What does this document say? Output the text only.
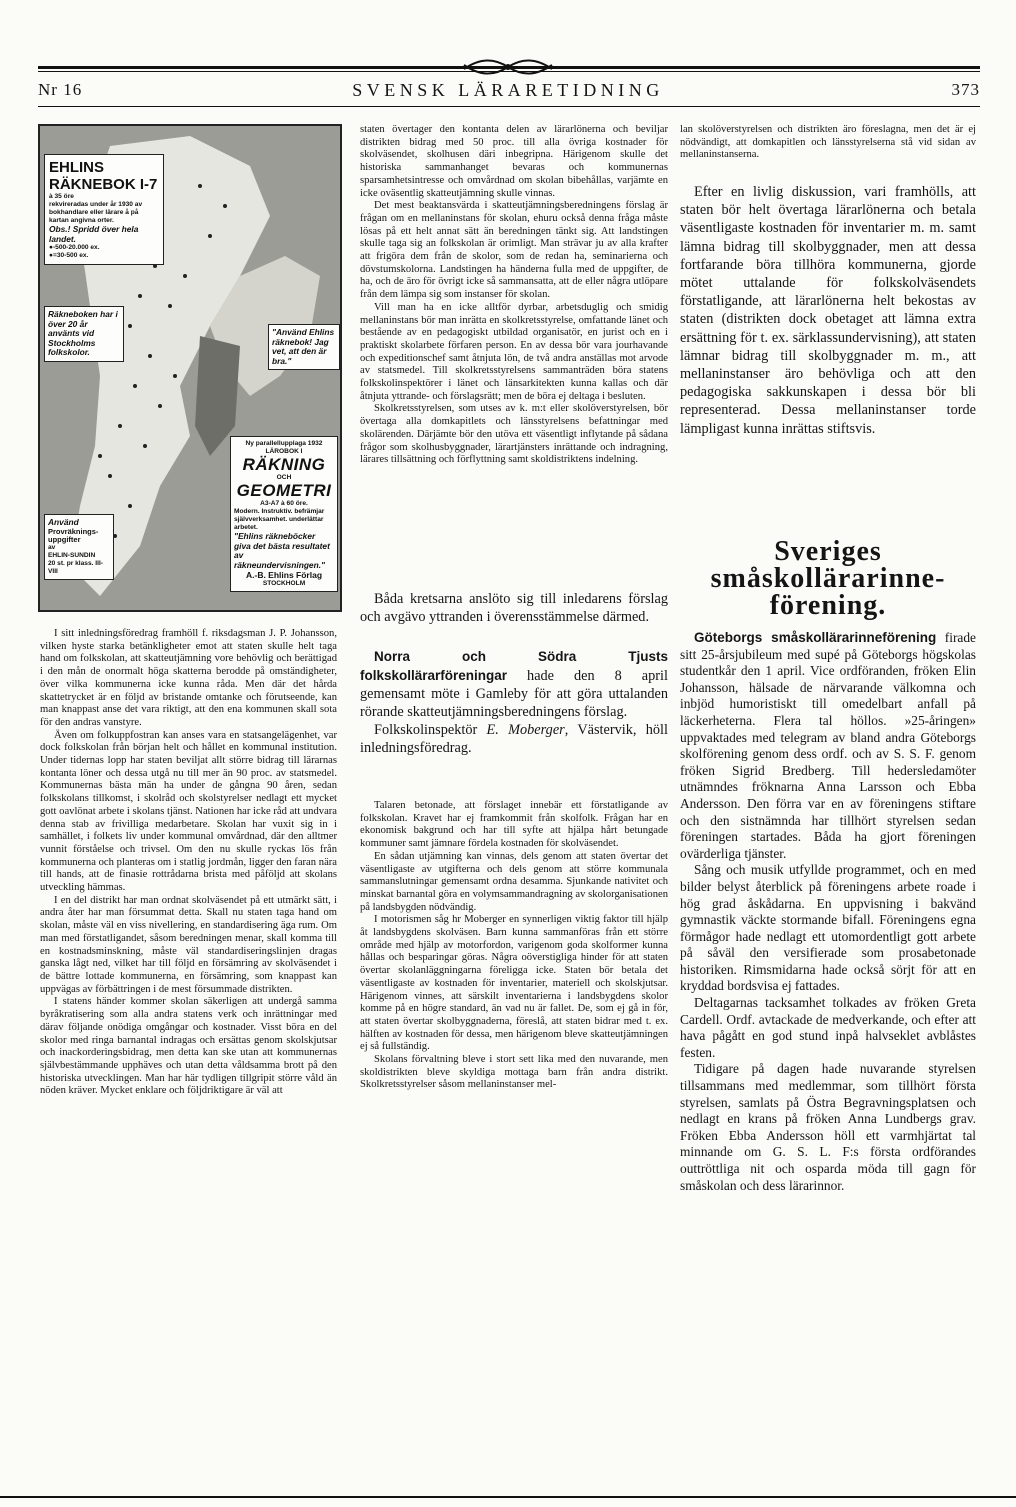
Nr 16	SVENSK LÄRARETIDNING	373
EHLINS
RÄKNEBOK I-7
à 35 öre
rekvireradas under år 1930 av bokhandlare eller lärare å på kartan angivna orter.
Obs.! Spridd över hela landet.
●-500-20.000 ex.
●=30-500 ex.
Räkneboken har i över 20 år använts vid Stockholms folkskolor.
"Använd Ehlins räknebok! Jag vet, att den är bra."
Ny parallellupplaga 1932
LÄROBOK I
RÄKNING
OCH
GEOMETRI
A3-A7 à 60 öre.
Modern. Instruktiv. befrämjar självverksamhet. underlättar arbetet.
"Ehlins räkneböcker giva det bästa resultatet av räkneundervisningen."
A.-B. Ehlins Förlag
STOCKHOLM
Använd
Provräknings-uppgifter
av
EHLIN-SUNDIN
20 st. pr klass. III-VIII

I sitt inledningsföredrag framhöll f. riksdagsman J. P. Johansson, vilken hyste starka betänkligheter emot att staten skulle helt taga hand om folkskolan, att skatteutjämning vore behövlig och berättigad i den mån de onormalt höga skatterna berodde på omständigheter, över vilka kommunerna icke kunna råda. Men där det hårda skattetrycket är en följd av bristande omtanke och förutseende, kan man knappast anse det vara riktigt, att den ena kommunen skall sota för den andras vanstyre.

Även om folkuppfostran kan anses vara en statsangelägenhet, var dock folkskolan från början helt och hållet en kommunal institution. Under tidernas lopp har staten beviljat allt större bidrag till lärarnas kontanta löner och dessa utgå nu till mer än 90 proc. av statsmedel. Kommunernas bästa män ha under de gångna 90 åren, sedan folkskolans tillkomst, i skolråd och skolstyrelser nedlagt ett mycket gott oavlönat arbete i skolans tjänst. Nationen har icke råd att undvara denna stab av frivilliga medarbetare. Skolan har vuxit sig in i samhället, i folkets liv under kommunal omvårdnad, där den alltmer vunnit förståelse och trivsel. Om den nu skulle ryckas lös från kommunerna och planteras om i statlig jordmån, ligger den faran nära till hands, att de finasie rottrådarna brista med påföljd att skolans utveckling hämmas.

I en del distrikt har man ordnat skolväsendet på ett utmärkt sätt, i andra åter har man försummat detta. Skall nu staten taga hand om skolan, måste väl en viss nivellering, en standardisering äga rum. Om man med förstatligandet, såsom beredningen menar, skall komma till en kostnadsminskning, måste väl standardiseringslinjen dragas ganska lågt ned, vilket har till följd en försämring av skolväsendet i de bättre lottade kommunerna, en försämring, som knappast kan uppvägas av förbättringen i de mest försummade distrikten.

I statens händer kommer skolan säkerligen att undergå samma byråkratisering som alla andra statens verk och inrättningar med därav följande onödiga omgångar och kostnader. Visst böra en del skolor med ringa barnantal indragas och ersättas genom skolskjutsar och inackorderingsbidrag, men detta kan ske utan att kommunernas självbestämmande upphäves och utan detta våldsamma brott på den historiska utvecklingen. Man har här tydligen tillgripit större våld än nöden kräver. Mycket enklare och följdriktigare är väl att

staten övertager den kontanta delen av lärarlönerna och beviljar distrikten bidrag med 50 proc. till alla övriga kostnader för skolväsendet, skolhusen däri inbegripna. Härigenom skulle det historiska sammanhanget bevaras och kommunernas sparsamhetsintresse och omvårdnad om skolan bibehållas, varjämte en icke oväsentlig skatteutjämning skulle vinnas.

Det mest beaktansvärda i skatteutjämningsberedningens förslag är frågan om en mellaninstans för skolan, ehuru också denna fråga måste lösas på ett helt annat sätt än beredningen tänkt sig. Att landstingen skulle taga sig an folkskolan är orimligt. Man strävar ju av alla krafter att frigöra dem från de skolor, som de redan ha, seminarierna och dövstumskolorna. Landstingen ha händerna fulla med de uppgifter, de ha, och de äro för övrigt icke så sammansatta, att de eller några utlöpare från dem lämpa sig som instanser för skolan.

Vill man ha en icke alltför dyrbar, arbetsduglig och smidig mellaninstans bör man inrätta en skolkretsstyrelse, omfattande länet och bestående av en pedagogiskt utbildad organisatör, en jurist och en i praktiskt skolarbete förfaren person. En av dessa bör vara jourhavande och expeditionschef samt åtnjuta lön, de två andra anställas mot arvode av statsmedel. Till skolkretsstyrelsens sammanträden böra statens folkskolinspektörer i länet och länsarkitekten kunna kallas och där åtnjuta yttrande- och förslagsrätt; men de böra ej deltaga i besluten.

Skolkretsstyrelsen, som utses av k. m:t eller skolöverstyrelsen, bör övertaga alla domkapitlets och länsstyrelsens befattningar med skolärenden. Därjämte bör den utöva ett väsentligt inflytande på sådana frågor som skolhusbyggnader, lärartjänsters inrättande och indragning, lärares tillsättning och förflyttning samt skoldistriktens indelning.

Båda kretsarna anslöto sig till inledarens förslag och avgävo yttranden i överensstämmelse därmed.

Norra och Södra Tjusts folkskollärarföreningar hade den 8 april gemensamt möte i Gamleby för att göra uttalanden rörande skatteutjämningsberedningens förslag.

Folkskolinspektör E. Moberger, Västervik, höll inledningsföredrag.

Talaren betonade, att förslaget innebär ett förstatligande av folkskolan. Kravet har ej framkommit från skolfolk. Frågan har en ekonomisk bakgrund och har till syfte att hjälpa hårt betungade kommuner samt jämnare fördela kostnaden för skolväsendet.

En sådan utjämning kan vinnas, dels genom att staten övertar det väsentligaste av utgifterna och dels genom att större kommunala sammanslutningar gemensamt ordna desamma. Sjunkande nativitet och minskat barnantal göra en volymsammandragning av skolorganisationen på landsbygden nödvändig.

I motorismen såg hr Moberger en synnerligen viktig faktor till hjälp åt landsbygdens skolväsen. Barn kunna sammanföras från ett större område med hjälp av motorfordon, varigenom goda skolformer kunna hållas och besparingar göras. Några oöverstigliga hinder för att staten övertar skolanläggningarna föreligga icke. Staten bör betala det väsentligaste av kostnaden för inventarier, materiell och skolskjutsar. Härigenom vinnes, att särskilt inventarierna i landsbygdens skolor komme på en högre standard, än vad nu är fallet. De, som ej gå in för, att staten övertar skolbyggnaderna, föreslå, att staten bidrar med t. ex. hälften av kostnaden för dessa, men härigenom bleve skatteutjämningen ej så fullständig.

Skolans förvaltning bleve i stort sett lika med den nuvarande, men skoldistrikten bleve skyldiga mottaga barn från andra distrikt. Skolkretsstyrelser såsom mellaninstanser mel-

lan skolöverstyrelsen och distrikten äro föreslagna, men det är ej nödvändigt, att domkapitlen och länsstyrelserna stå vid sidan av mellaninstanserna.

Efter en livlig diskussion, vari framhölls, att staten bör helt övertaga lärarlönerna och betala väsentligaste kostnaden för inventarier m. m. samt lämna bidrag till skolbyggnader, men att dessa fortfarande böra tillhöra kommunerna, gjorde mötet uttalande för folkskolväsendets förstatligande, att lärarlönerna helt bekostas av staten (distrikten dock obetaget att lämna extra ersättning för t. ex. särklassundervisning), att staten lämnar bidrag till skolbyggnader m. m., att mellaninstanser äro behövliga och att den pedagogiska sakkunskapen i dessa bör bli representerad. Dessa mellaninstanser torde lämpligast kunna inrättas stiftsvis.

Sveriges småskollärarinne-förening.

Göteborgs småskollärarinneförening firade sitt 25-årsjubileum med supé på Göteborgs högskolas studentkår den 1 april. Vice ordföranden, fröken Elin Johansson, hälsade de närvarande välkomna och inbjöd humoristiskt till omedelbart anfall på läckerheterna. Flera tal höllos. »25-åringen» uppvaktades med telegram av bland andra Göteborgs skolförening genom dess ordf. och av S. S. F. genom fröken Sigrid Bredberg. Till hedersledamöter utnämndes fröknarna Anna Larsson och Ebba Andersson. Den förra var en av föreningens stiftare och den sistnämnda har tillhört styrelsen sedan föreningen startades. Båda ha gjort föreningen ovärderliga tjänster.

Sång och musik utfyllde programmet, och en med bilder belyst återblick på föreningens arbete roade i hög grad åskådarna. En uppvisning i bakvänd gymnastik väckte stormande bifall. Föreningens egna förmågor hade nedlagt ett utomordentligt gott arbete på såväl den versifierade som prosabetonade historiken. Rimsmidarna hade också sörjt för att en kryddad bordsvisa ej fattades.

Deltagarnas tacksamhet tolkades av fröken Greta Cardell. Ordf. avtackade de medverkande, och efter att hava pågått en god stund inpå halvseklet avblåstes festen.

Tidigare på dagen hade nuvarande styrelsen tillsammans med medlemmar, som tillhört första styrelsen, samlats på Östra Begravningsplatsen och nedlagt en krans på fröken Anna Lundbergs grav. Fröken Ebba Andersson höll ett varmhjärtat tal minnande om G. S. L. F:s första ordförandes outtröttliga nit och osparda möda till gagn för småskolan och dess lärarinnor.
